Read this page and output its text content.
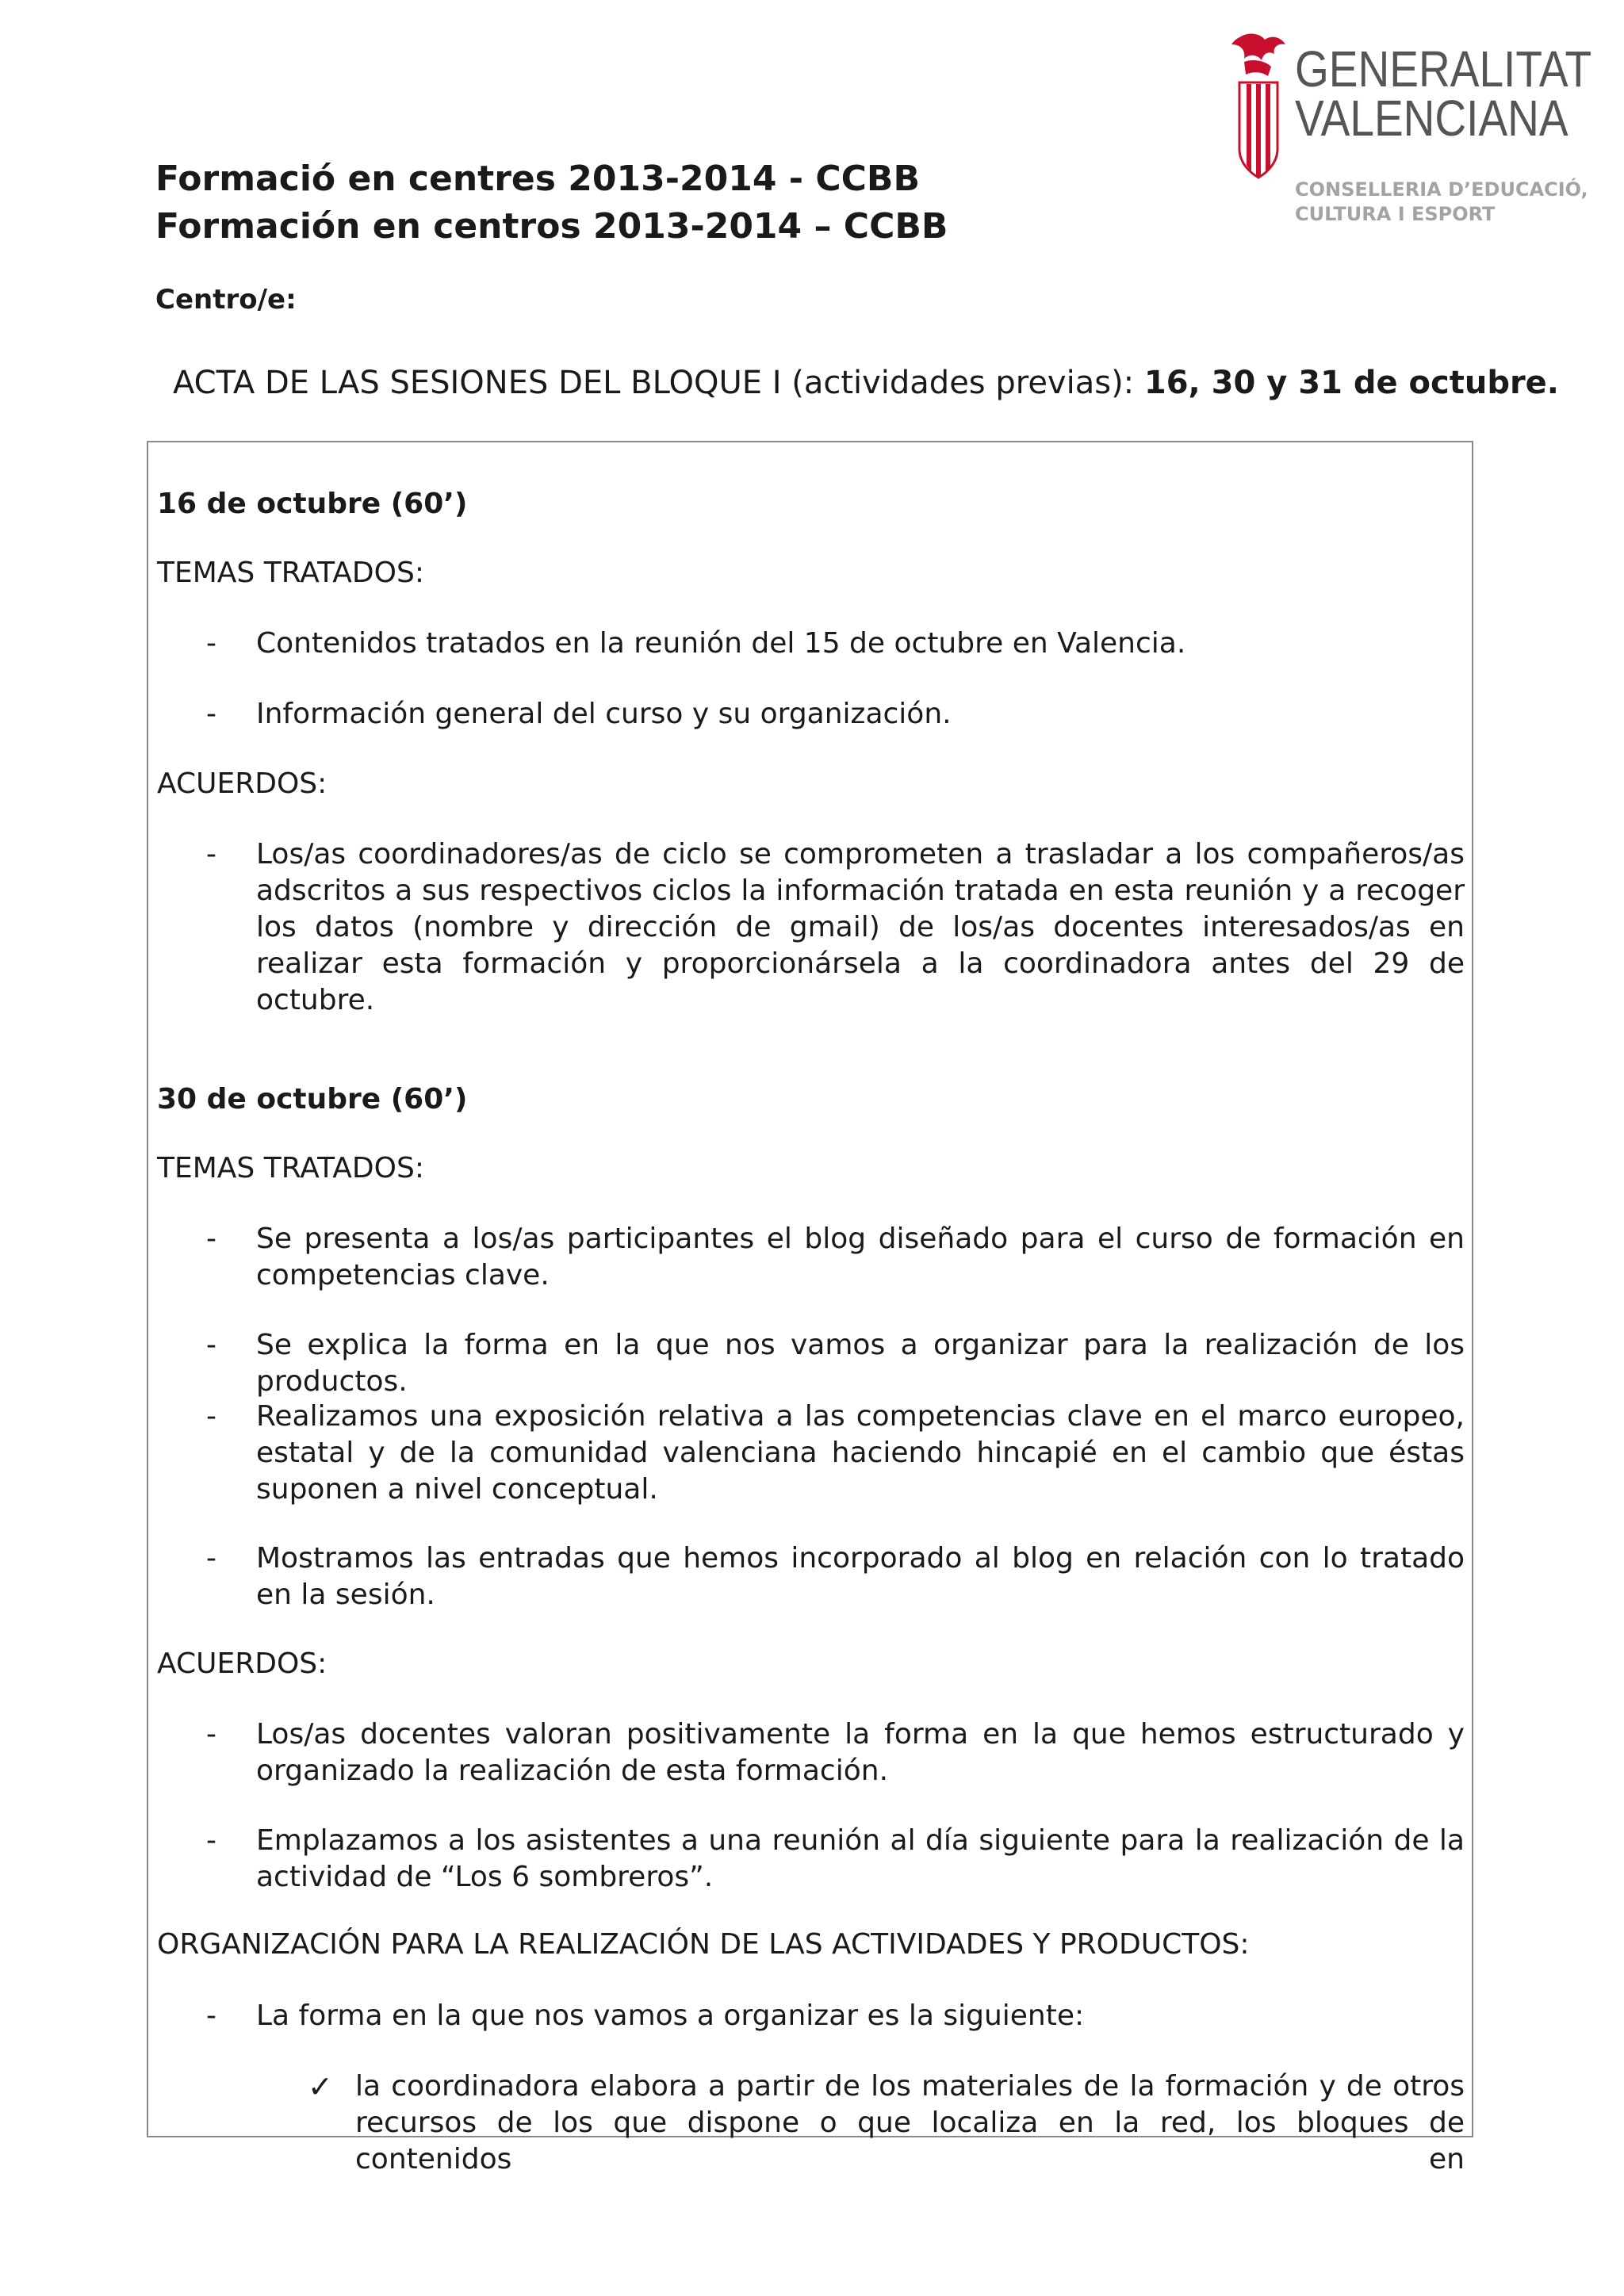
GENERALITAT
VALENCIANA
CONSELLERIA D’EDUCACIÓ,
CULTURA I ESPORT
Formació en centres 2013-2014 - CCBB
Formación en centros 2013-2014 – CCBB
Centro/e:
ACTA DE LAS SESIONES DEL BLOQUE I (actividades previas): 16, 30 y 31 de octubre.
16 de octubre (60’)
TEMAS TRATADOS:
- Contenidos tratados en la reunión del 15 de octubre en Valencia.
- Información general del curso y su organización.
ACUERDOS:
- Los/as coordinadores/as de ciclo se comprometen a trasladar a los compañeros/as adscritos a sus respectivos ciclos la información tratada en esta reunión y a recoger los datos (nombre y dirección de gmail) de los/as docentes interesados/as en realizar esta formación y proporcionársela a la coordinadora antes del 29 de octubre.
30 de octubre (60’)
TEMAS TRATADOS:
- Se presenta a los/as participantes el blog diseñado para el curso de formación en competencias clave.
- Se explica la forma en la que nos vamos a organizar para la realización de los productos.
- Realizamos una exposición relativa a las competencias clave en el marco europeo, estatal y de la comunidad valenciana haciendo hincapié en el cambio que éstas suponen a nivel conceptual.
- Mostramos las entradas que hemos incorporado al blog en relación con lo tratado en la sesión.
ACUERDOS:
- Los/as docentes valoran positivamente la forma en la que hemos estructurado y organizado la realización de esta formación.
- Emplazamos a los asistentes a una reunión al día siguiente para la realización de la actividad de “Los 6 sombreros”.
ORGANIZACIÓN PARA LA REALIZACIÓN DE LAS ACTIVIDADES Y PRODUCTOS:
- La forma en la que nos vamos a organizar es la siguiente:
✓ la coordinadora elabora a partir de los materiales de la formación y de otros recursos de los que dispone o que localiza en la red, los bloques de contenidos en
